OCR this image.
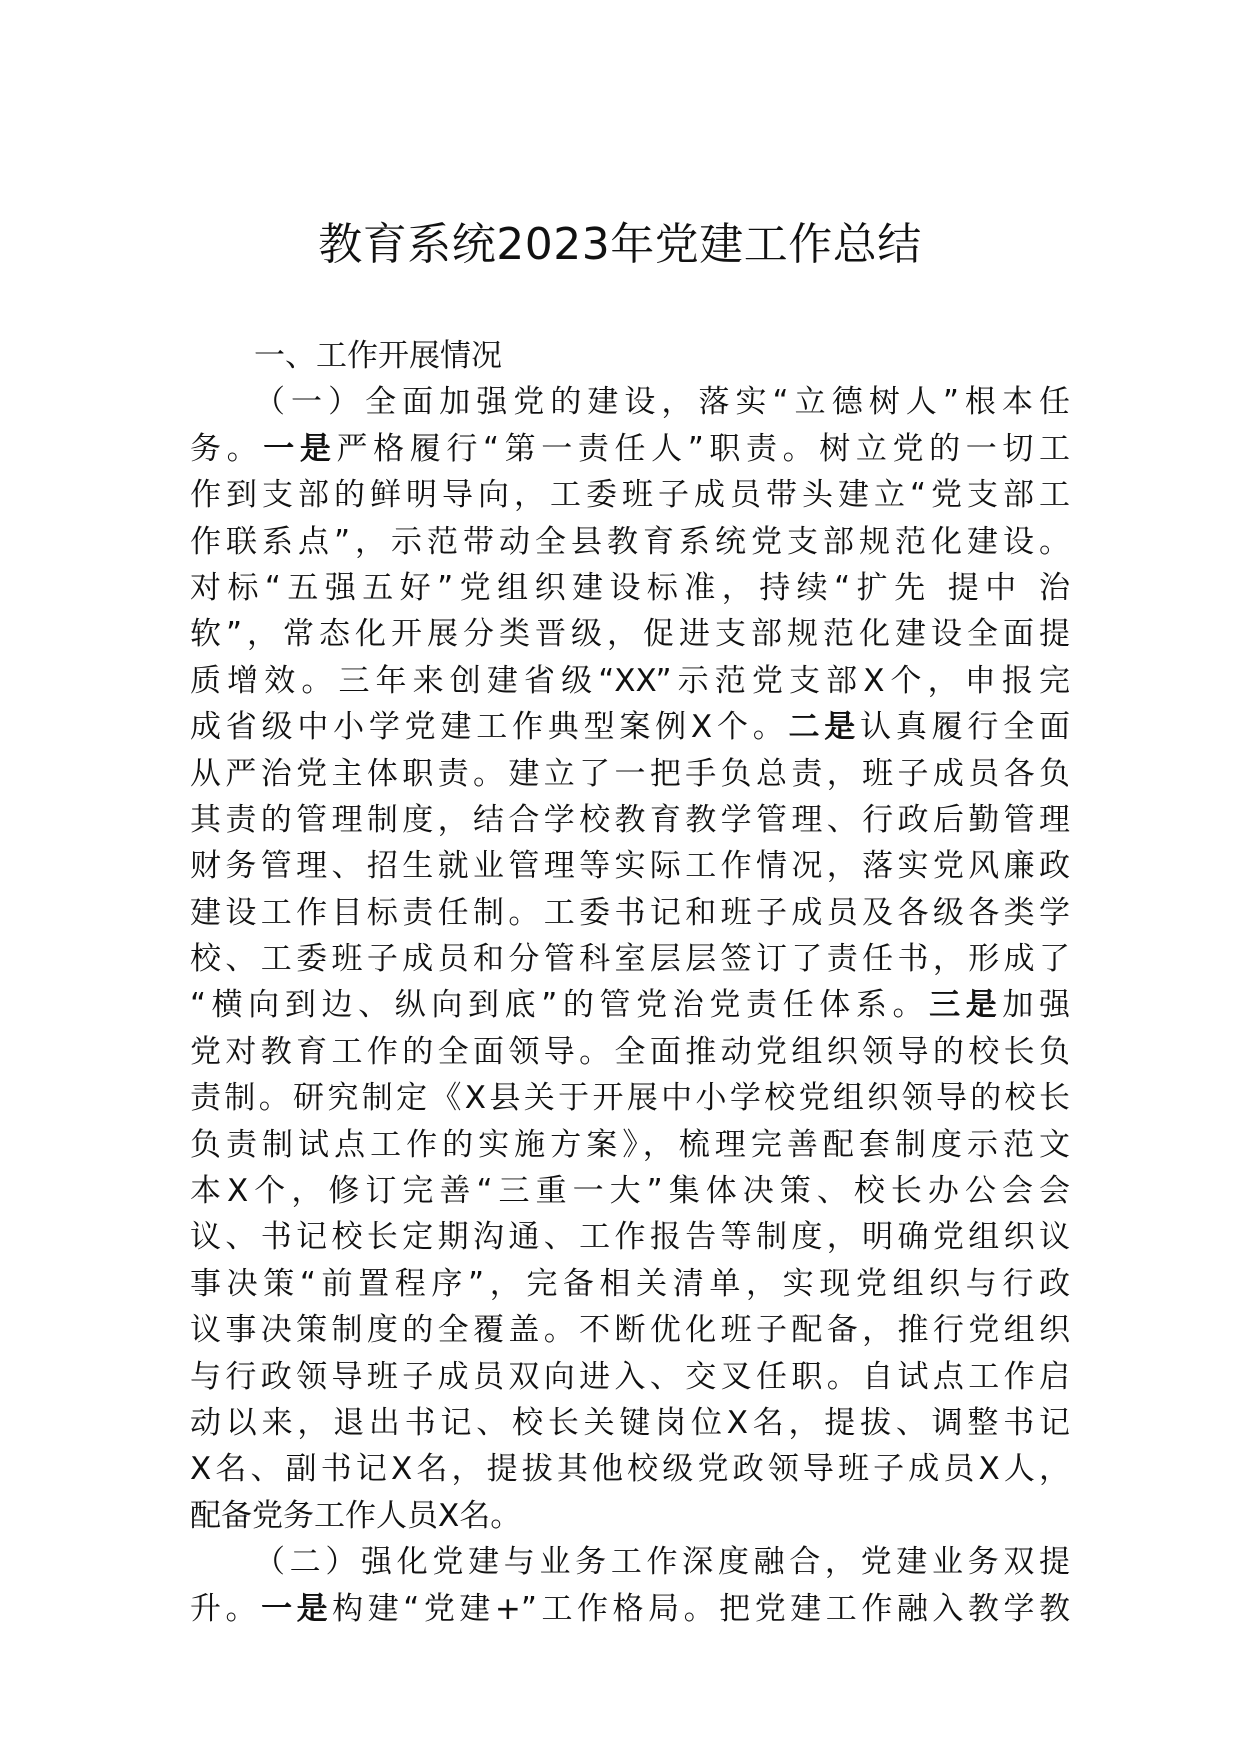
教育系统2023年党建工作总结
一、工作开展情况
（一）全面加强党的建设，落实“立德树人”根本任
务。一是严格履行“第一责任人”职责。树立党的一切工
作到支部的鲜明导向，工委班子成员带头建立“党支部工
作联系点”，示范带动全县教育系统党支部规范化建设。
对标“五强五好”党组织建设标准，持续“扩先 提中 治
软”，常态化开展分类晋级，促进支部规范化建设全面提
质增效。三年来创建省级“XX”示范党支部X个，申报完
成省级中小学党建工作典型案例X个。二是认真履行全面
从严治党主体职责。建立了一把手负总责，班子成员各负
其责的管理制度，结合学校教育教学管理、行政后勤管理
财务管理、招生就业管理等实际工作情况，落实党风廉政
建设工作目标责任制。工委书记和班子成员及各级各类学
校、工委班子成员和分管科室层层签订了责任书，形成了
“横向到边、纵向到底”的管党治党责任体系。三是加强
党对教育工作的全面领导。全面推动党组织领导的校长负
责制。研究制定《X县关于开展中小学校党组织领导的校长
负责制试点工作的实施方案》，梳理完善配套制度示范文
本X个，修订完善“三重一大”集体决策、校长办公会会
议、书记校长定期沟通、工作报告等制度，明确党组织议
事决策“前置程序”，完备相关清单，实现党组织与行政
议事决策制度的全覆盖。不断优化班子配备，推行党组织
与行政领导班子成员双向进入、交叉任职。自试点工作启
动以来，退出书记、校长关键岗位X名，提拔、调整书记
X名、副书记X名，提拔其他校级党政领导班子成员X人，
配备党务工作人员X名。
（二）强化党建与业务工作深度融合，党建业务双提
升。一是构建“党建+”工作格局。把党建工作融入教学教
